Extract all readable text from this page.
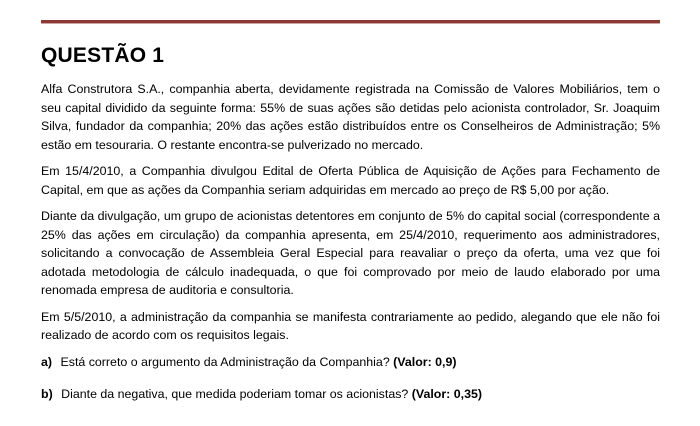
QUESTÃO 1

Alfa Construtora S.A., companhia aberta, devidamente registrada na Comissão de Valores Mobiliários, tem o seu capital dividido da seguinte forma: 55% de suas ações são detidas pelo acionista controlador, Sr. Joaquim Silva, fundador da companhia; 20% das ações estão distribuídos entre os Conselheiros de Administração; 5% estão em tesouraria. O restante encontra-se pulverizado no mercado.

Em 15/4/2010, a Companhia divulgou Edital de Oferta Pública de Aquisição de Ações para Fechamento de Capital, em que as ações da Companhia seriam adquiridas em mercado ao preço de R$ 5,00 por ação.

Diante da divulgação, um grupo de acionistas detentores em conjunto de 5% do capital social (correspondente a 25% das ações em circulação) da companhia apresenta, em 25/4/2010, requerimento aos administradores, solicitando a convocação de Assembleia Geral Especial para reavaliar o preço da oferta, uma vez que foi adotada metodologia de cálculo inadequada, o que foi comprovado por meio de laudo elaborado por uma renomada empresa de auditoria e consultoria.

Em 5/5/2010, a administração da companhia se manifesta contrariamente ao pedido, alegando que ele não foi realizado de acordo com os requisitos legais.

a) Está correto o argumento da Administração da Companhia? (Valor: 0,9)
b) Diante da negativa, que medida poderiam tomar os acionistas? (Valor: 0,35)
